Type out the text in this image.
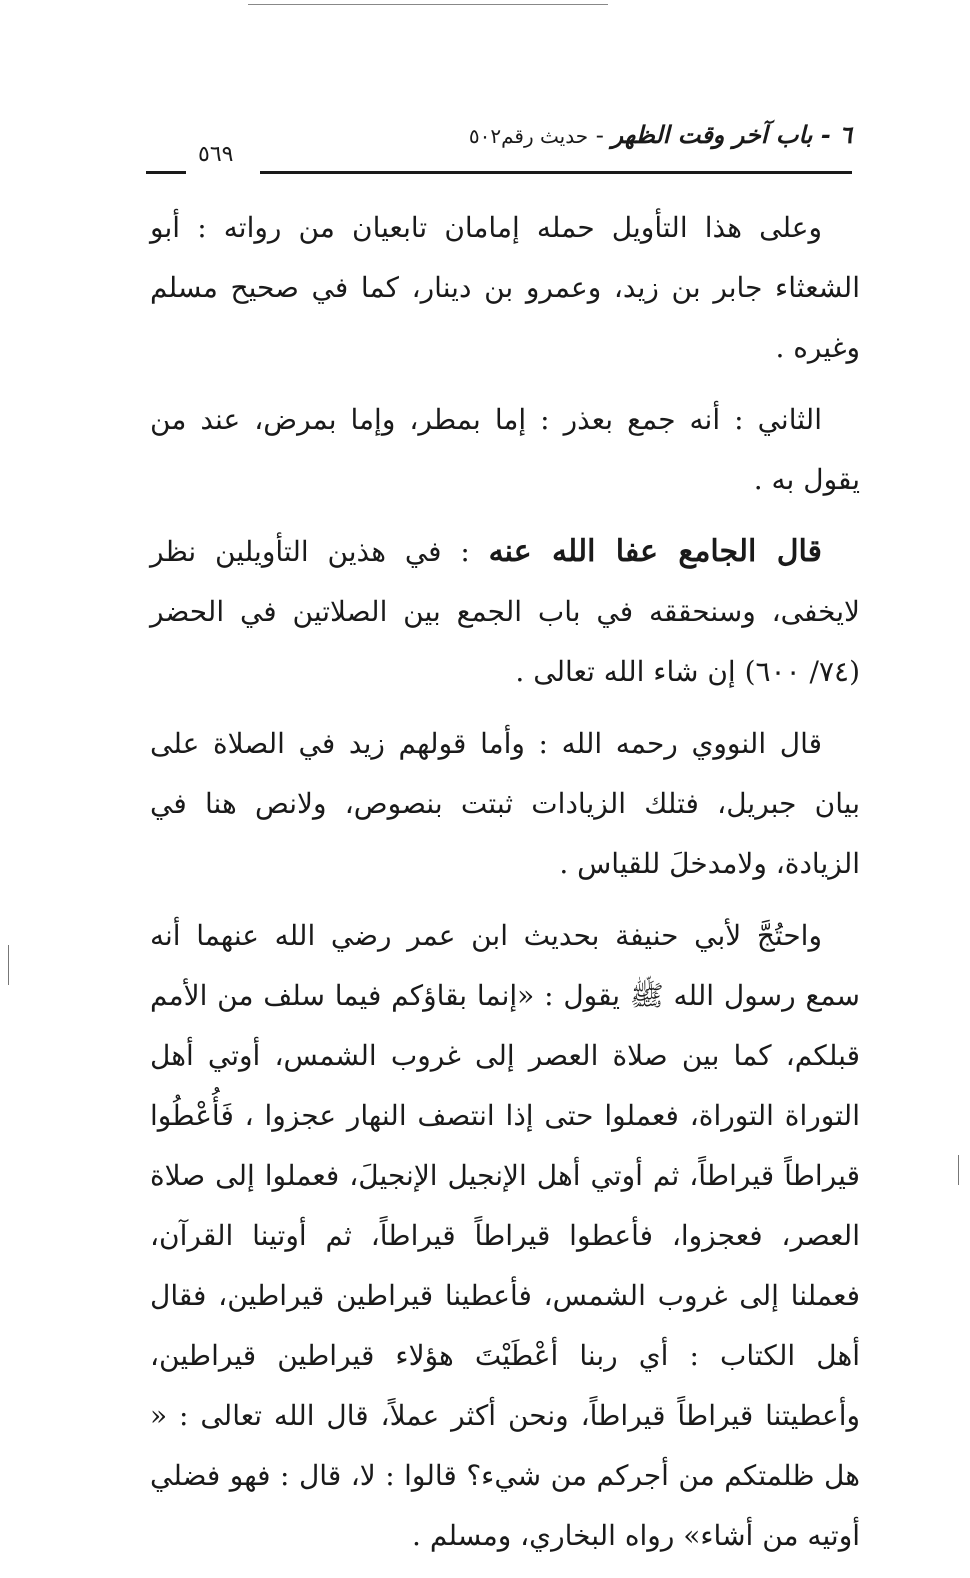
٦ - باب آخر وقت الظهر - حديث رقم٥٠٢
٥٦٩

وعلى هذا التأويل حمله إمامان تابعيان من رواته : أبو الشعثاء جابر بن زيد، وعمرو بن دينار، كما في صحيح مسلم وغيره .

الثاني : أنه جمع بعذر : إما بمطر، وإما بمرض، عند من يقول به .

قال الجامع عفا الله عنه : في هذين التأويلين نظر لايخفى، وسنحققه في باب الجمع بين الصلاتين في الحضر (٧٤/ ٦٠٠) إن شاء الله تعالى .

قال النووي رحمه الله : وأما قولهم زيد في الصلاة على بيان جبريل، فتلك الزيادات ثبتت بنصوص، ولانص هنا في الزيادة، ولامدخلَ للقياس .

واحتُجَّ لأبي حنيفة بحديث ابن عمر رضي الله عنهما أنه سمع رسول الله ﷺ يقول : «إنما بقاؤكم فيما سلف من الأمم قبلكم، كما بين صلاة العصر إلى غروب الشمس، أوتي أهل التوراة التوراة، فعملوا حتى إذا انتصف النهار عجزوا ، فَأُعْطُوا قيراطاً قيراطاً، ثم أوتي أهل الإنجيل الإنجيلَ، فعملوا إلى صلاة العصر، فعجزوا، فأعطوا قيراطاً قيراطاً، ثم أوتينا القرآن، فعملنا إلى غروب الشمس، فأعطينا قيراطين قيراطين، فقال أهل الكتاب : أي ربنا أعْطَيْتَ هؤلاء قيراطين قيراطين، وأعطيتنا قيراطاً قيراطاً، ونحن أكثر عملاً، قال الله تعالى : « هل ظلمتكم من أجركم من شيء؟ قالوا : لا، قال : فهو فضلي أوتيه من أشاء» رواه البخاري، ومسلم .
